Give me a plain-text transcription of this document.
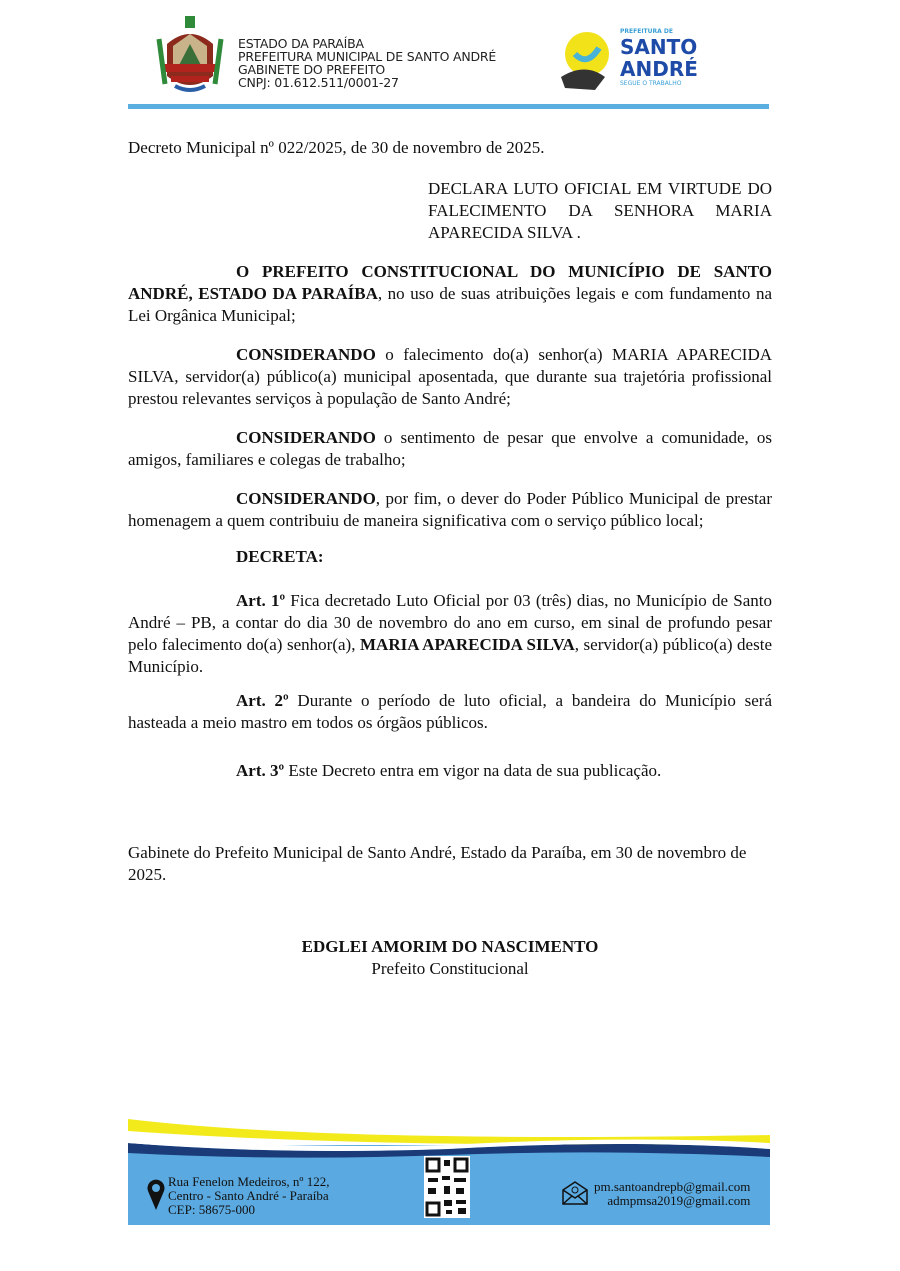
ESTADO DA PARAÍBA
PREFEITURA MUNICIPAL DE SANTO ANDRÉ
GABINETE DO PREFEITO
CNPJ: 01.612.511/0001-27
PREFEITURA DE
SANTO
ANDRÉ
SEGUE O TRABALHO

Decreto Municipal nº 022/2025, de 30 de novembro de 2025.

DECLARA LUTO OFICIAL EM VIRTUDE DO FALECIMENTO DA SENHORA MARIA APARECIDA SILVA .

O PREFEITO CONSTITUCIONAL DO MUNICÍPIO DE SANTO ANDRÉ, ESTADO DA PARAÍBA, no uso de suas atribuições legais e com fundamento na Lei Orgânica Municipal;

CONSIDERANDO o falecimento do(a) senhor(a) MARIA APARECIDA SILVA, servidor(a) público(a) municipal aposentada, que durante sua trajetória profissional prestou relevantes serviços à população de Santo André;

CONSIDERANDO o sentimento de pesar que envolve a comunidade, os amigos, familiares e colegas de trabalho;

CONSIDERANDO, por fim, o dever do Poder Público Municipal de prestar homenagem a quem contribuiu de maneira significativa com o serviço público local;

DECRETA:

Art. 1º Fica decretado Luto Oficial por 03 (três) dias, no Município de Santo André – PB, a contar do dia 30 de novembro do ano em curso, em sinal de profundo pesar pelo falecimento do(a) senhor(a), MARIA APARECIDA SILVA, servidor(a) público(a) deste Município.

Art. 2º Durante o período de luto oficial, a bandeira do Município será hasteada a meio mastro em todos os órgãos públicos.

Art. 3º Este Decreto entra em vigor na data de sua publicação.

Gabinete do Prefeito Municipal de Santo André, Estado da Paraíba, em 30 de novembro de 2025.

EDGLEI AMORIM DO NASCIMENTO
Prefeito Constitucional
Rua Fenelon Medeiros, nº 122,
Centro - Santo André - Paraíba
CEP: 58675-000
pm.santoandrepb@gmail.com
admpmsa2019@gmail.com
